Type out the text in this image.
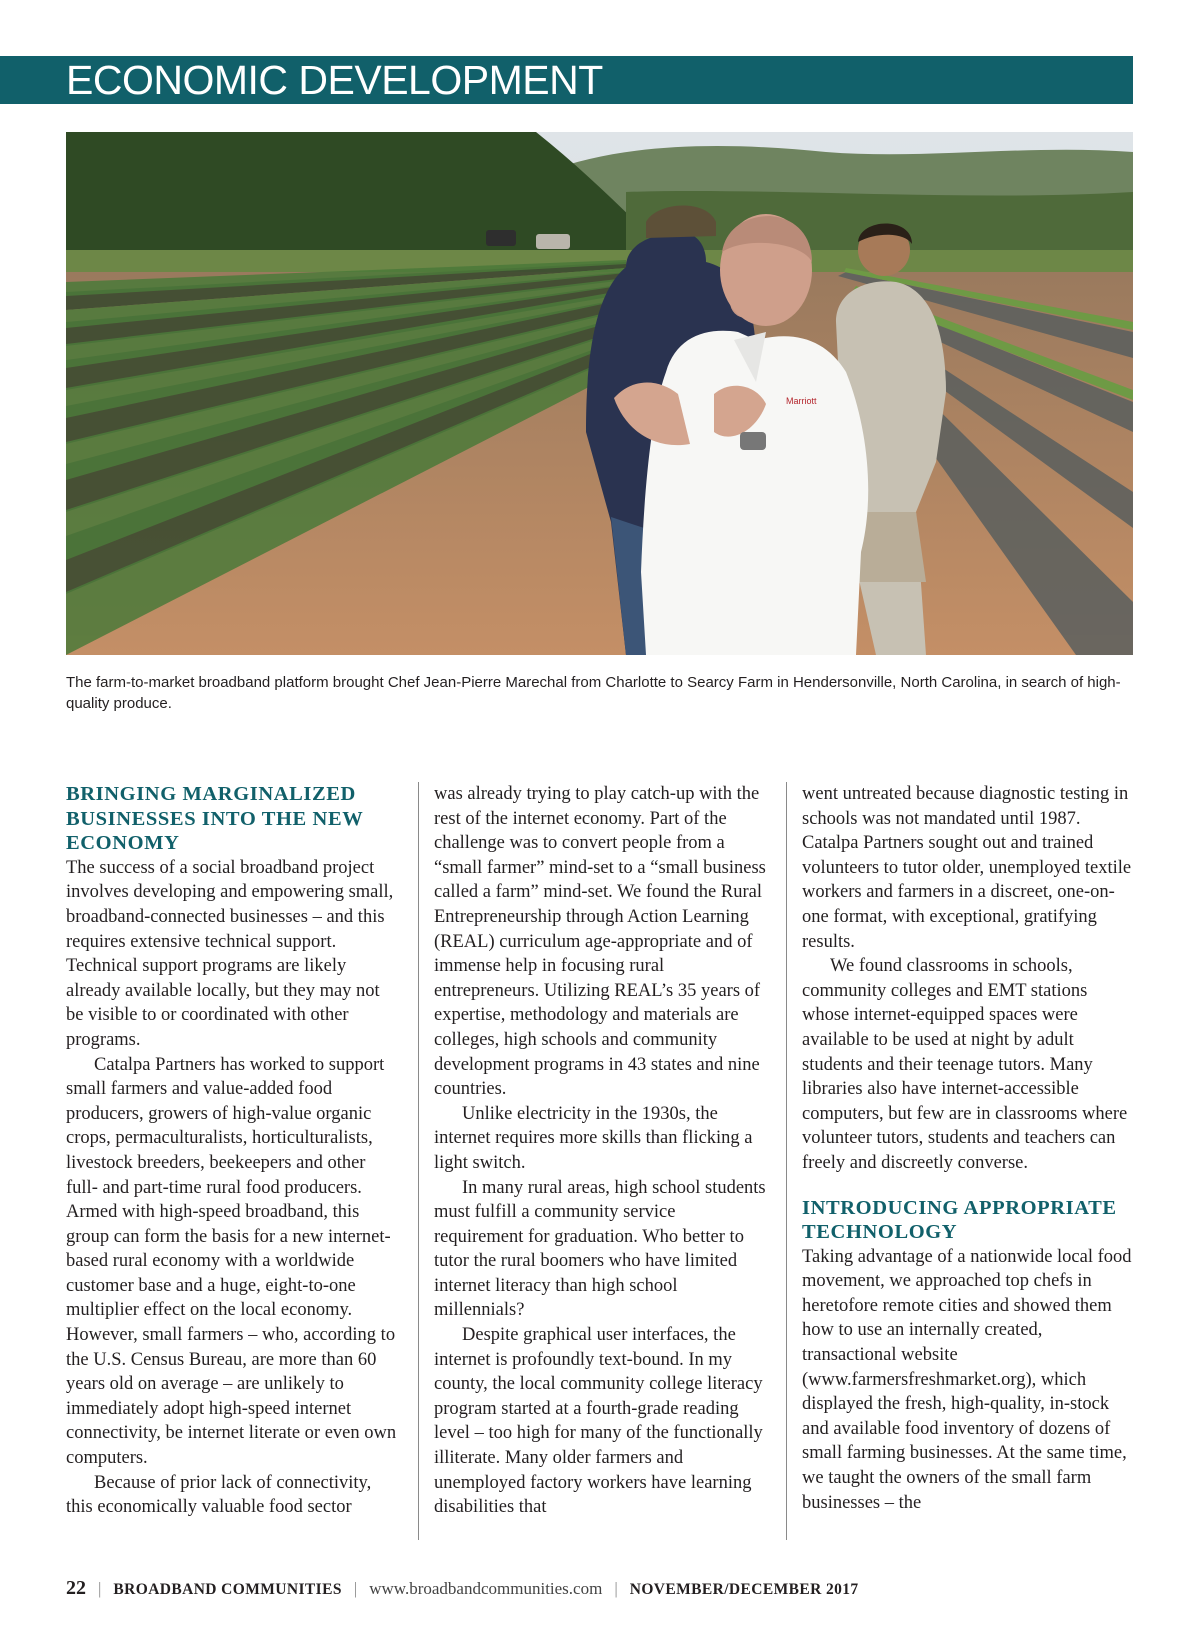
ECONOMIC DEVELOPMENT
Marriott
The farm-to-market broadband platform brought Chef Jean-Pierre Marechal from Charlotte to Searcy Farm in Hendersonville, North Carolina, in search of high-quality produce.
BRINGING MARGINALIZED BUSINESSES INTO THE NEW ECONOMY

The success of a social broadband project involves developing and empowering small, broadband-connected businesses – and this requires extensive technical support. Technical support programs are likely already available locally, but they may not be visible to or coordinated with other programs.

Catalpa Partners has worked to support small farmers and value-added food producers, growers of high-value organic crops, permaculturalists, horticulturalists, livestock breeders, beekeepers and other full- and part-time rural food producers. Armed with high-speed broadband, this group can form the basis for a new internet-based rural economy with a worldwide customer base and a huge, eight-to-one multiplier effect on the local economy. However, small farmers – who, according to the U.S. Census Bureau, are more than 60 years old on average – are unlikely to immediately adopt high-speed internet connectivity, be internet literate or even own computers.

Because of prior lack of connectivity, this economically valuable food sector

was already trying to play catch-up with the rest of the internet economy. Part of the challenge was to convert people from a “small farmer” mind-set to a “small business called a farm” mind-set. We found the Rural Entrepreneurship through Action Learning (REAL) curriculum age-appropriate and of immense help in focusing rural entrepreneurs. Utilizing REAL’s 35 years of expertise, methodology and materials are colleges, high schools and community development programs in 43 states and nine countries.

Unlike electricity in the 1930s, the internet requires more skills than flicking a light switch.

In many rural areas, high school students must fulfill a community service requirement for graduation. Who better to tutor the rural boomers who have limited internet literacy than high school millennials?

Despite graphical user interfaces, the internet is profoundly text-bound. In my county, the local community college literacy program started at a fourth-grade reading level – too high for many of the functionally illiterate. Many older farmers and unemployed factory workers have learning disabilities that

went untreated because diagnostic testing in schools was not mandated until 1987. Catalpa Partners sought out and trained volunteers to tutor older, unemployed textile workers and farmers in a discreet, one-on-one format, with exceptional, gratifying results.

We found classrooms in schools, community colleges and EMT stations whose internet-equipped spaces were available to be used at night by adult students and their teenage tutors. Many libraries also have internet-accessible computers, but few are in classrooms where volunteer tutors, students and teachers can freely and discreetly converse.

INTRODUCING APPROPRIATE TECHNOLOGY

Taking advantage of a nationwide local food movement, we approached top chefs in heretofore remote cities and showed them how to use an internally created, transactional website (www.farmersfreshmarket.org), which displayed the fresh, high-quality, in-stock and available food inventory of dozens of small farming businesses. At the same time, we taught the owners of the small farm businesses – the

22 | BROADBAND COMMUNITIES | www.broadbandcommunities.com | NOVEMBER/DECEMBER 2017
